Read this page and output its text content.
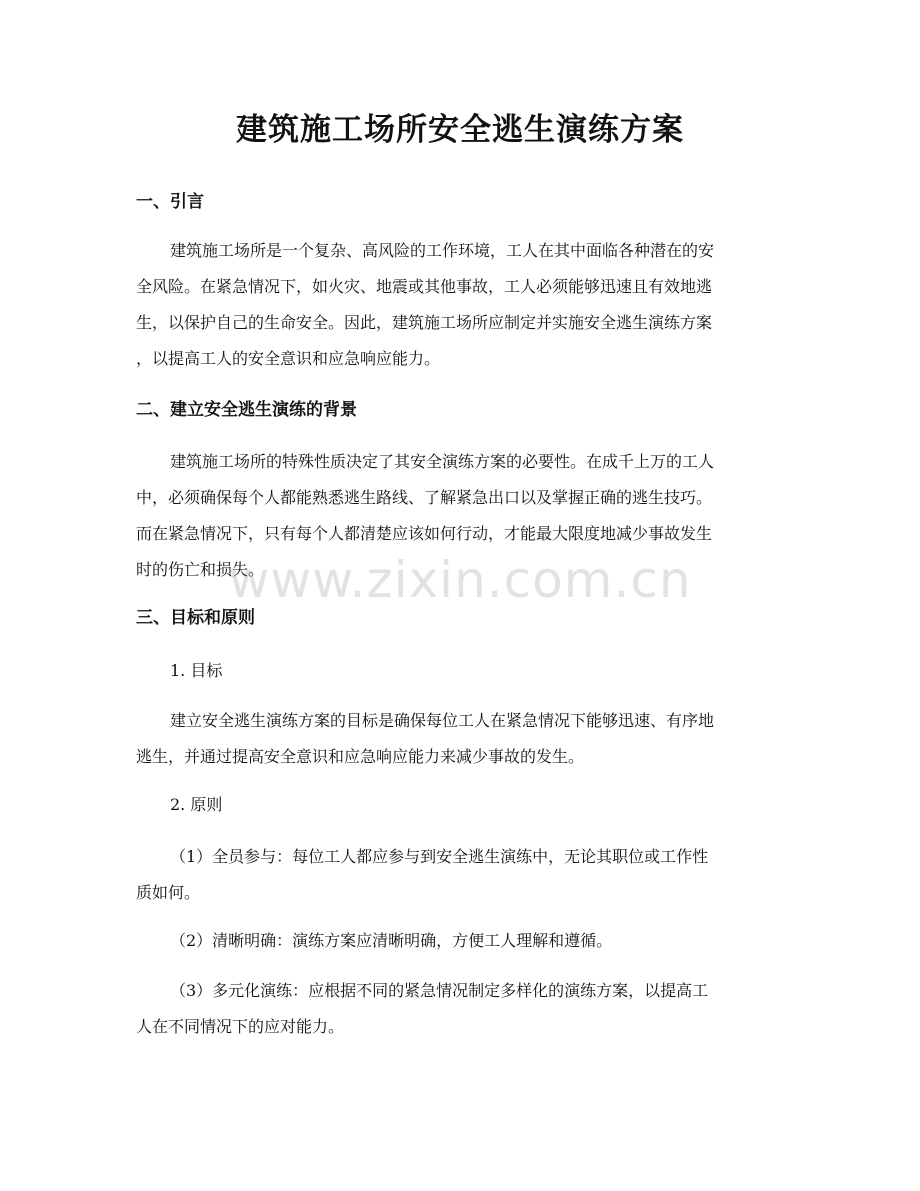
建筑施工场所安全逃生演练方案
一、引言

建筑施工场所是一个复杂、高风险的工作环境，工人在其中面临各种潜在的安
全风险。在紧急情况下，如火灾、地震或其他事故，工人必须能够迅速且有效地逃
生，以保护自己的生命安全。因此，建筑施工场所应制定并实施安全逃生演练方案
，以提高工人的安全意识和应急响应能力。

二、建立安全逃生演练的背景

建筑施工场所的特殊性质决定了其安全演练方案的必要性。在成千上万的工人
中，必须确保每个人都能熟悉逃生路线、了解紧急出口以及掌握正确的逃生技巧。
而在紧急情况下，只有每个人都清楚应该如何行动，才能最大限度地减少事故发生
时的伤亡和损失。

www.zixin.com.cn
三、目标和原则

1. 目标

建立安全逃生演练方案的目标是确保每位工人在紧急情况下能够迅速、有序地
逃生，并通过提高安全意识和应急响应能力来减少事故的发生。

2. 原则

（1）全员参与：每位工人都应参与到安全逃生演练中，无论其职位或工作性
质如何。

（2）清晰明确：演练方案应清晰明确，方便工人理解和遵循。

（3）多元化演练：应根据不同的紧急情况制定多样化的演练方案，以提高工
人在不同情况下的应对能力。
